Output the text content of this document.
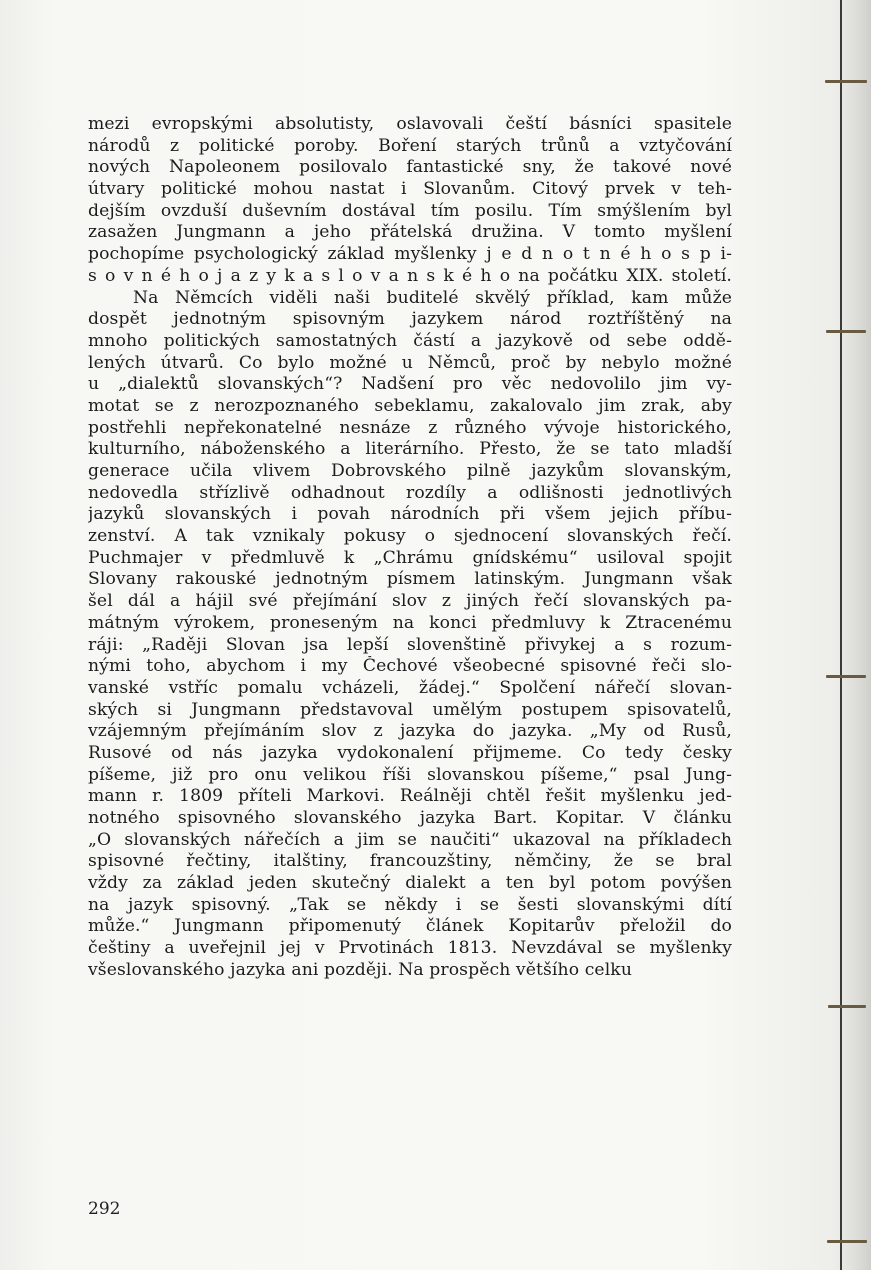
mezi evropskými absolutisty, oslavovali čeští básníci spasitele
národů z politické poroby. Boření starých trůnů a vztyčování
nových Napoleonem posilovalo fantastické sny, že takové nové
útvary politické mohou nastat i Slovanům. Citový prvek v teh-
dejším ovzduší duševním dostával tím posilu. Tím smýšlením byl
zasažen Jungmann a jeho přátelská družina. V tomto myšlení
pochopíme psychologický základ myšlenky j e d n o t n é h o s p i-
s o v n é h o j a z y k a s l o v a n s k é h o na počátku XIX. století.
Na Němcích viděli naši buditelé skvělý příklad, kam může
dospět jednotným spisovným jazykem národ roztříštěný na
mnoho politických samostatných částí a jazykově od sebe oddě-
lených útvarů. Co bylo možné u Němců, proč by nebylo možné
u „dialektů slovanských“? Nadšení pro věc nedovolilo jim vy-
motat se z nerozpoznaného sebeklamu, zakalovalo jim zrak, aby
postřehli nepřekonatelné nesnáze z různého vývoje historického,
kulturního, náboženského a literárního. Přesto, že se tato mladší
generace učila vlivem Dobrovského pilně jazykům slovanským,
nedovedla střízlivě odhadnout rozdíly a odlišnosti jednotlivých
jazyků slovanských i povah národních při všem jejich příbu-
zenství. A tak vznikaly pokusy o sjednocení slovanských řečí.
Puchmajer v předmluvě k „Chrámu gnídskému“ usiloval spojit
Slovany rakouské jednotným písmem latinským. Jungmann však
šel dál a hájil své přejímání slov z jiných řečí slovanských pa-
mátným výrokem, proneseným na konci předmluvy k Ztracenému
ráji: „Raději Slovan jsa lepší slovenštině přivykej a s rozum-
nými toho, abychom i my Čechové všeobecné spisovné řeči slo-
vanské vstříc pomalu vcházeli, žádej.“ Spolčení nářečí slovan-
ských si Jungmann představoval umělým postupem spisovatelů,
vzájemným přejímáním slov z jazyka do jazyka. „My od Rusů,
Rusové od nás jazyka vydokonalení přijmeme. Co tedy česky
píšeme, již pro onu velikou říši slovanskou píšeme,“ psal Jung-
mann r. 1809 příteli Markovi. Reálněji chtěl řešit myšlenku jed-
notného spisovného slovanského jazyka Bart. Kopitar. V článku
„O slovanských nářečích a jim se naučiti“ ukazoval na příkladech
spisovné řečtiny, italštiny, francouzštiny, němčiny, že se bral
vždy za základ jeden skutečný dialekt a ten byl potom povýšen
na jazyk spisovný. „Tak se někdy i se šesti slovanskými dítí
může.“ Jungmann připomenutý článek Kopitarův přeložil do
češtiny a uveřejnil jej v Prvotinách 1813. Nevzdával se myšlenky
všeslovanského jazyka ani později. Na prospěch většího celku
292
